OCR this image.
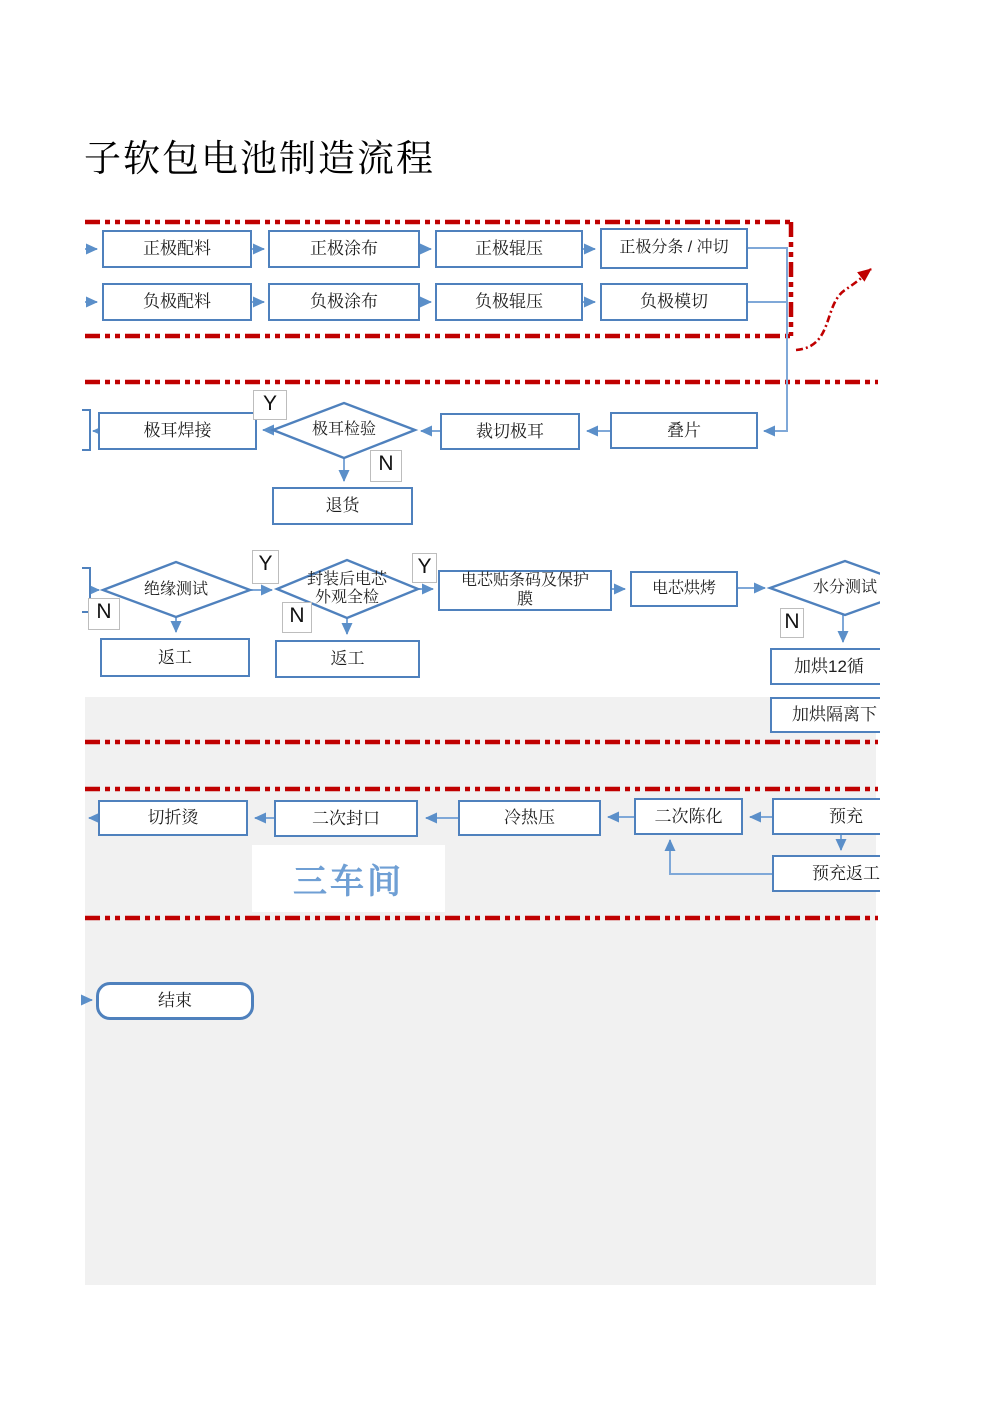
子软包电池制造流程
正极配料	正极涂布	正极辊压	正极分条 / 冲切
负极配料	负极涂布	负极辊压	负极模切
叠片
裁切极耳
极耳检验
极耳焊接
退货
Y
N
绝缘测试
N
返工
Y
封装后电芯外观全检
N
返工
Y
电芯贴条码及保护膜
电芯烘烤	水分测试
N
加烘12循
加烘隔离下
切折烫	二次封口	冷热压	二次陈化	预充
预充返工
三车间
结束
